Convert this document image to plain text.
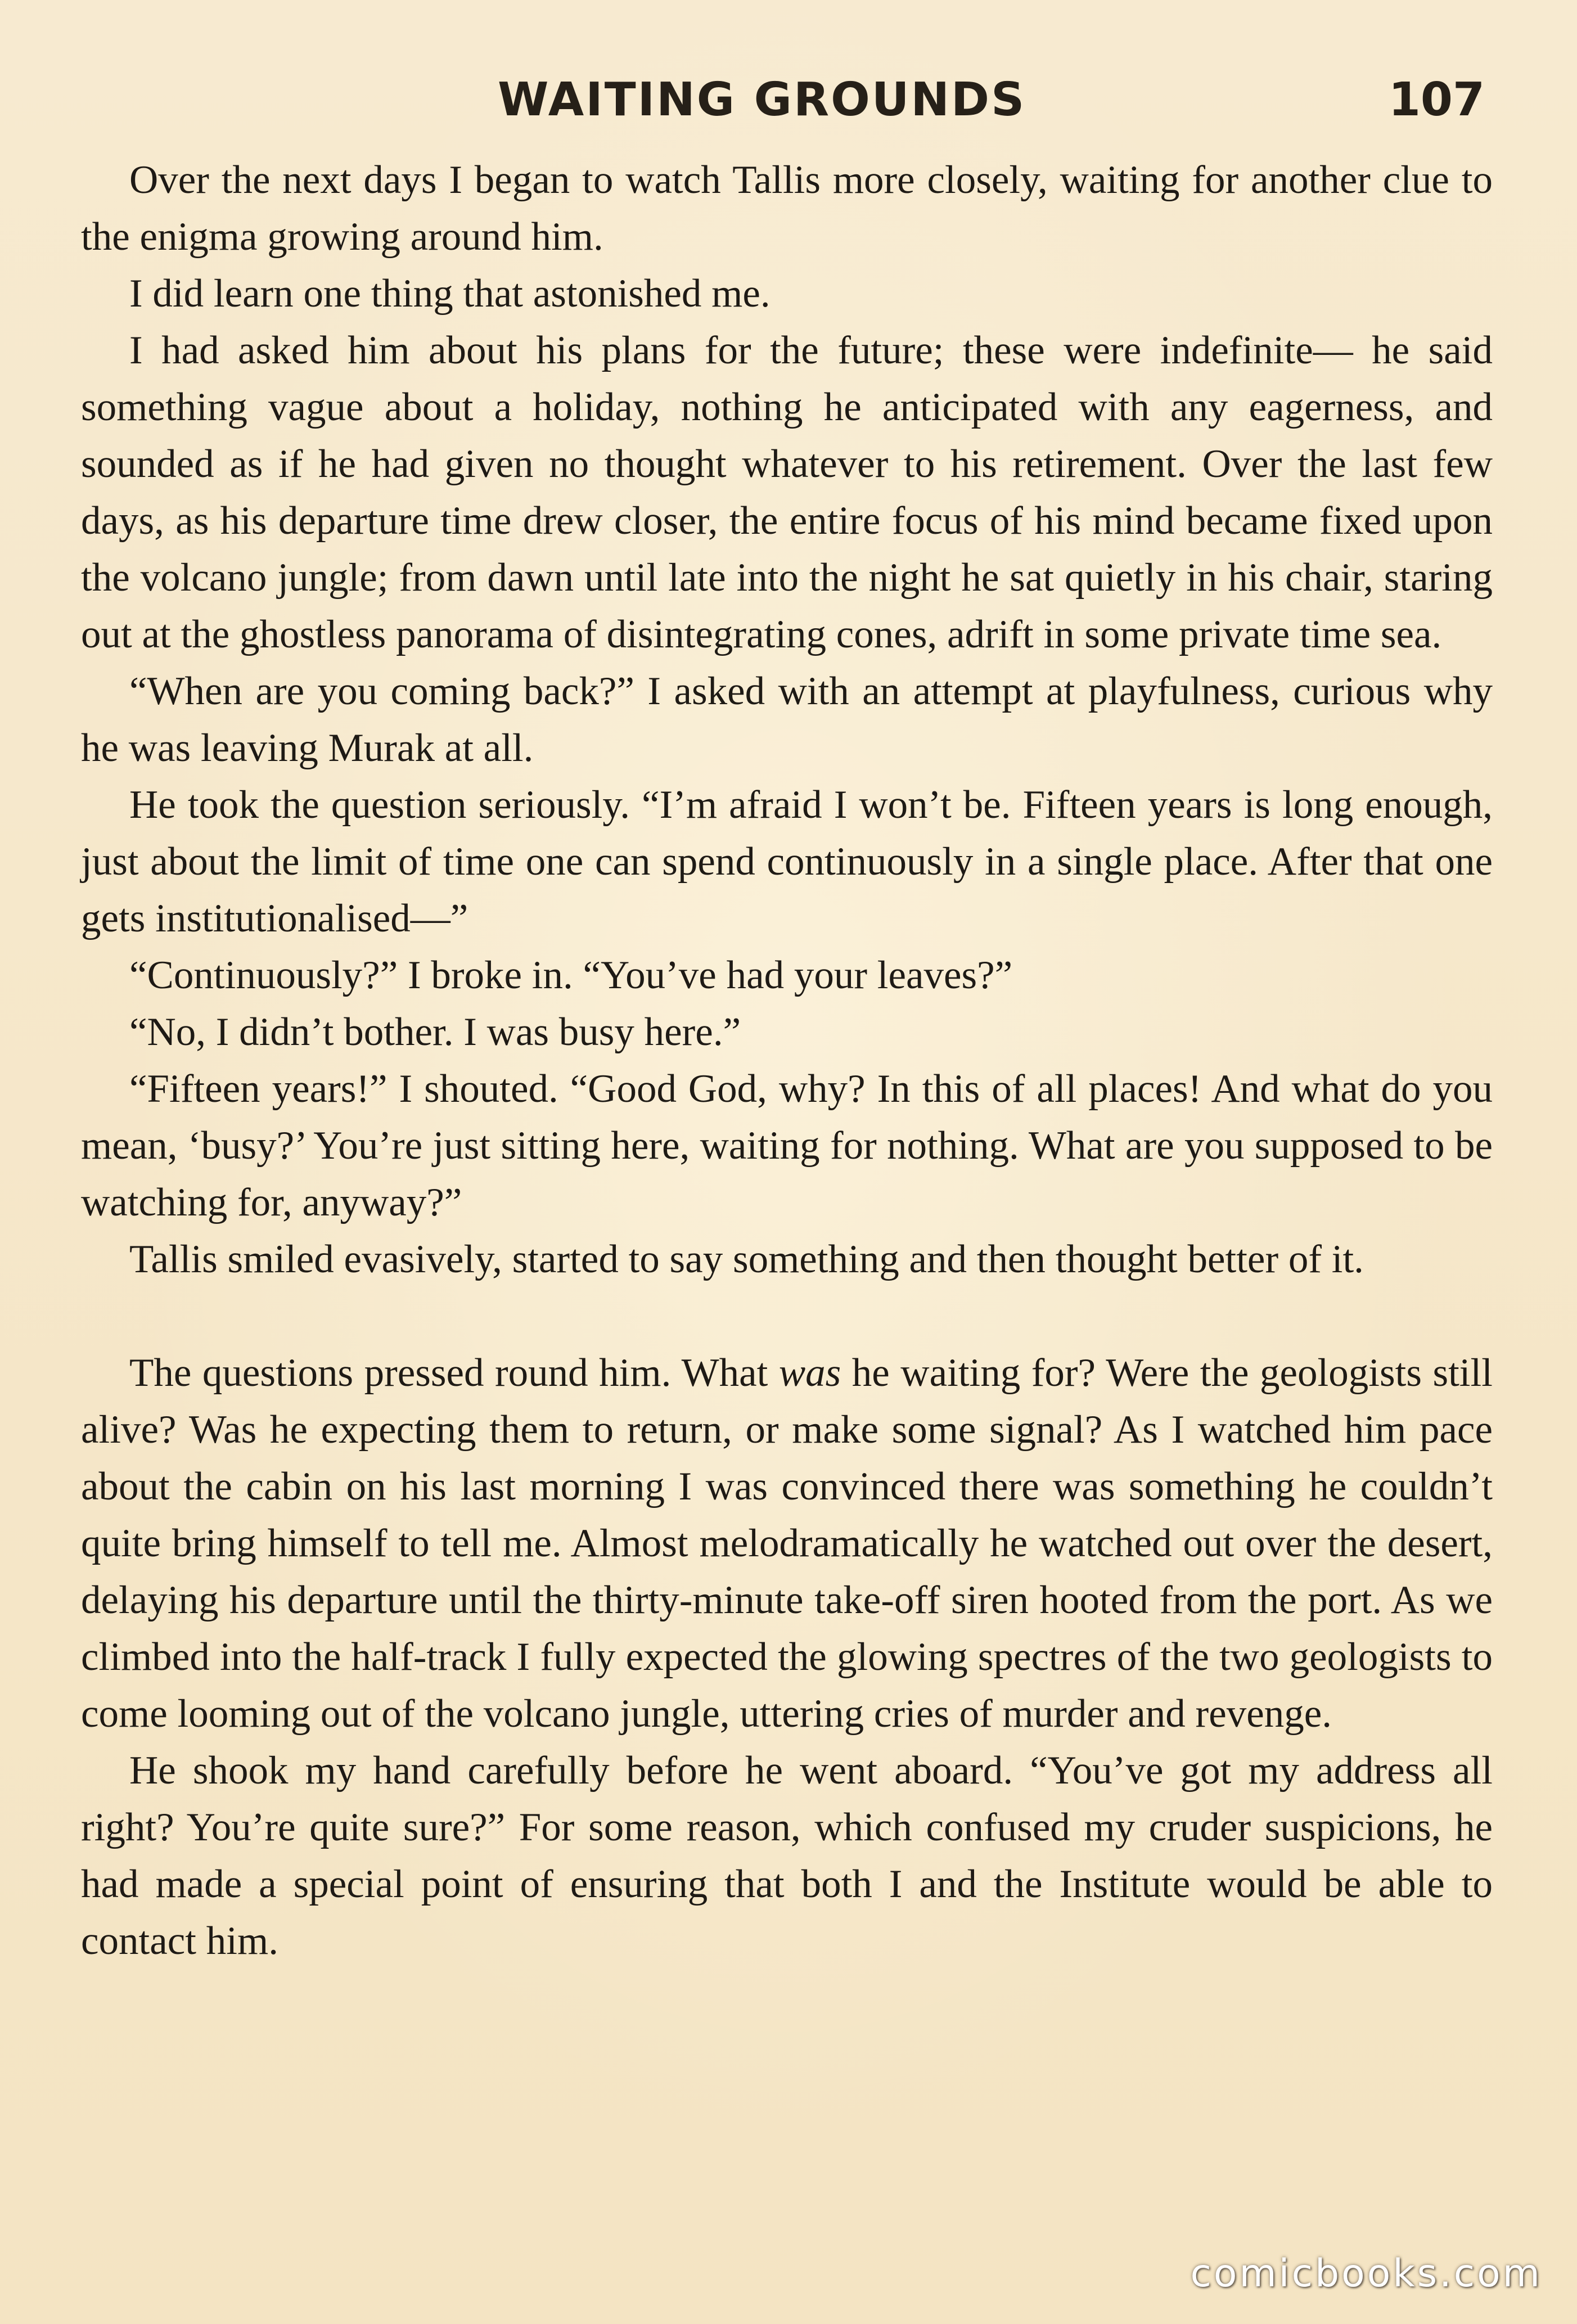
WAITING GROUNDS	107

Over the next days I began to watch Tallis more closely, waiting for another clue to the enigma growing around him.

I did learn one thing that astonished me.

I had asked him about his plans for the future; these were indefinite— he said something vague about a holiday, nothing he anticipated with any eagerness, and sounded as if he had given no thought whatever to his retirement. Over the last few days, as his departure time drew closer, the entire focus of his mind became fixed upon the volcano jungle; from dawn until late into the night he sat quietly in his chair, staring out at the ghostless panorama of disintegrating cones, adrift in some private time sea.

“When are you coming back?” I asked with an attempt at playfulness, curious why he was leaving Murak at all.

He took the question seriously. “I’m afraid I won’t be. Fifteen years is long enough, just about the limit of time one can spend continuously in a single place. After that one gets institutionalised—”

“Continuously?” I broke in. “You’ve had your leaves?”

“No, I didn’t bother. I was busy here.”

“Fifteen years!” I shouted. “Good God, why? In this of all places! And what do you mean, ‘busy?’ You’re just sitting here, waiting for nothing. What are you supposed to be watching for, anyway?”

Tallis smiled evasively, started to say something and then thought better of it.

The questions pressed round him. What was he waiting for? Were the geologists still alive? Was he expecting them to return, or make some signal? As I watched him pace about the cabin on his last morning I was convinced there was something he couldn’t quite bring himself to tell me. Almost melodramatically he watched out over the desert, delaying his departure until the thirty-minute take-off siren hooted from the port. As we climbed into the half-track I fully expected the glowing spectres of the two geologists to come looming out of the volcano jungle, uttering cries of murder and revenge.

He shook my hand carefully before he went aboard. “You’ve got my address all right? You’re quite sure?” For some reason, which confused my cruder suspicions, he had made a special point of ensuring that both I and the Institute would be able to contact him.

comicbooks.com
